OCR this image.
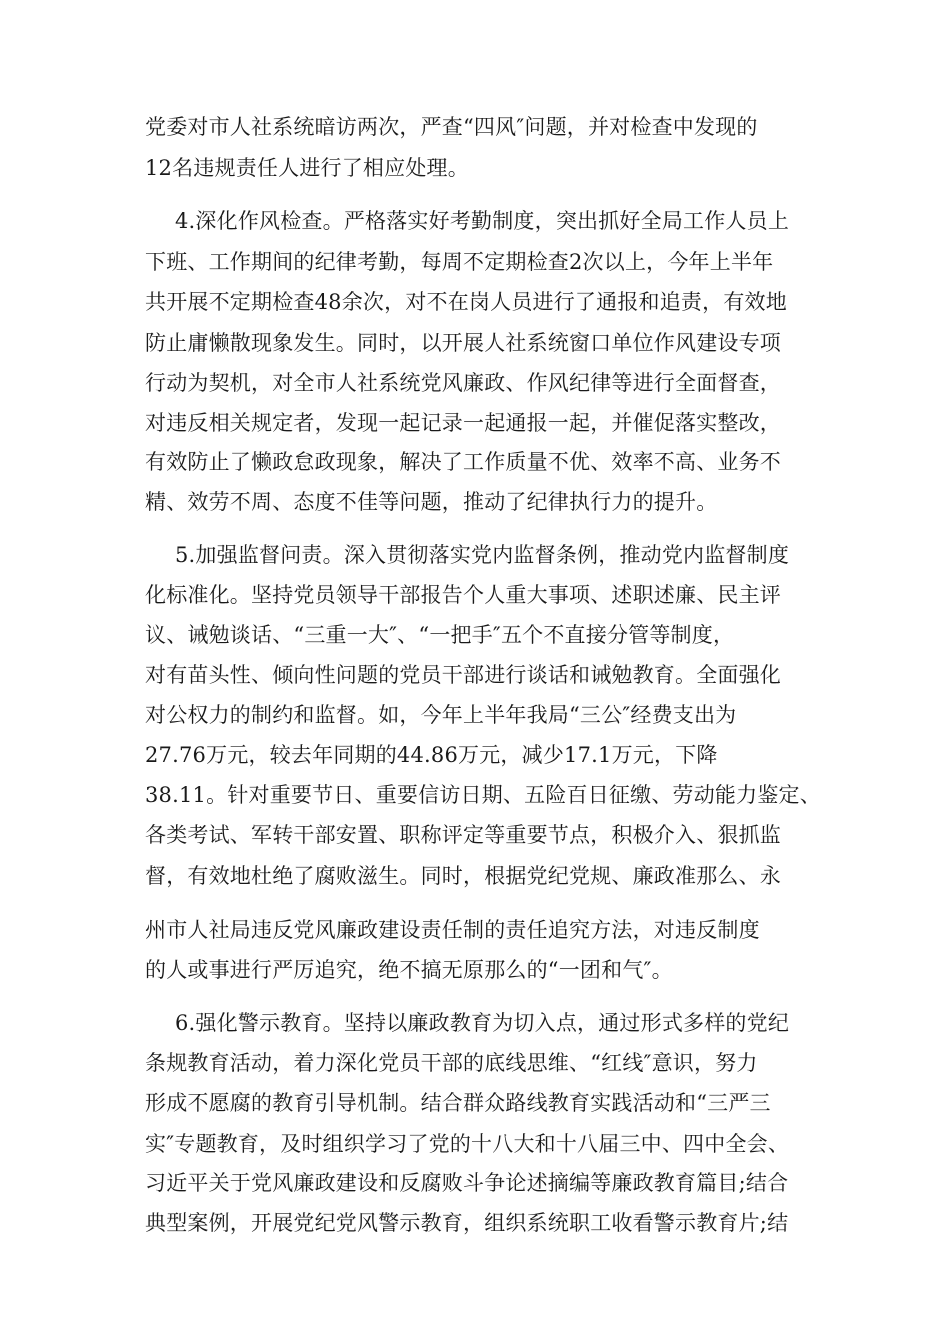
党委对市人社系统暗访两次，严查“四风″问题，并对检查中发现的
12名违规责任人进行了相应处理。
4.深化作风检查。严格落实好考勤制度，突出抓好全局工作人员上
下班、工作期间的纪律考勤，每周不定期检查2次以上，今年上半年
共开展不定期检查48余次，对不在岗人员进行了通报和追责，有效地
防止庸懒散现象发生。同时，以开展人社系统窗口单位作风建设专项
行动为契机，对全市人社系统党风廉政、作风纪律等进行全面督查，
对违反相关规定者，发现一起记录一起通报一起，并催促落实整改，
有效防止了懒政怠政现象，解决了工作质量不优、效率不高、业务不
精、效劳不周、态度不佳等问题，推动了纪律执行力的提升。
5.加强监督问责。深入贯彻落实党内监督条例，推动党内监督制度
化标准化。坚持党员领导干部报告个人重大事项、述职述廉、民主评
议、诫勉谈话、“三重一大″、“一把手″五个不直接分管等制度，
对有苗头性、倾向性问题的党员干部进行谈话和诫勉教育。全面强化
对公权力的制约和监督。如，今年上半年我局“三公″经费支出为
27.76万元，较去年同期的44.86万元，减少17.1万元，下降
38.11。针对重要节日、重要信访日期、五险百日征缴、劳动能力鉴定、
各类考试、军转干部安置、职称评定等重要节点，积极介入、狠抓监
督，有效地杜绝了腐败滋生。同时，根据党纪党规、廉政准那么、永
州市人社局违反党风廉政建设责任制的责任追究方法，对违反制度
的人或事进行严厉追究，绝不搞无原那么的“一团和气″。
6.强化警示教育。坚持以廉政教育为切入点，通过形式多样的党纪
条规教育活动，着力深化党员干部的底线思维、“红线″意识，努力
形成不愿腐的教育引导机制。结合群众路线教育实践活动和“三严三
实″专题教育，及时组织学习了党的十八大和十八届三中、四中全会、
习近平关于党风廉政建设和反腐败斗争论述摘编等廉政教育篇目;结合
典型案例，开展党纪党风警示教育，组织系统职工收看警示教育片;结
